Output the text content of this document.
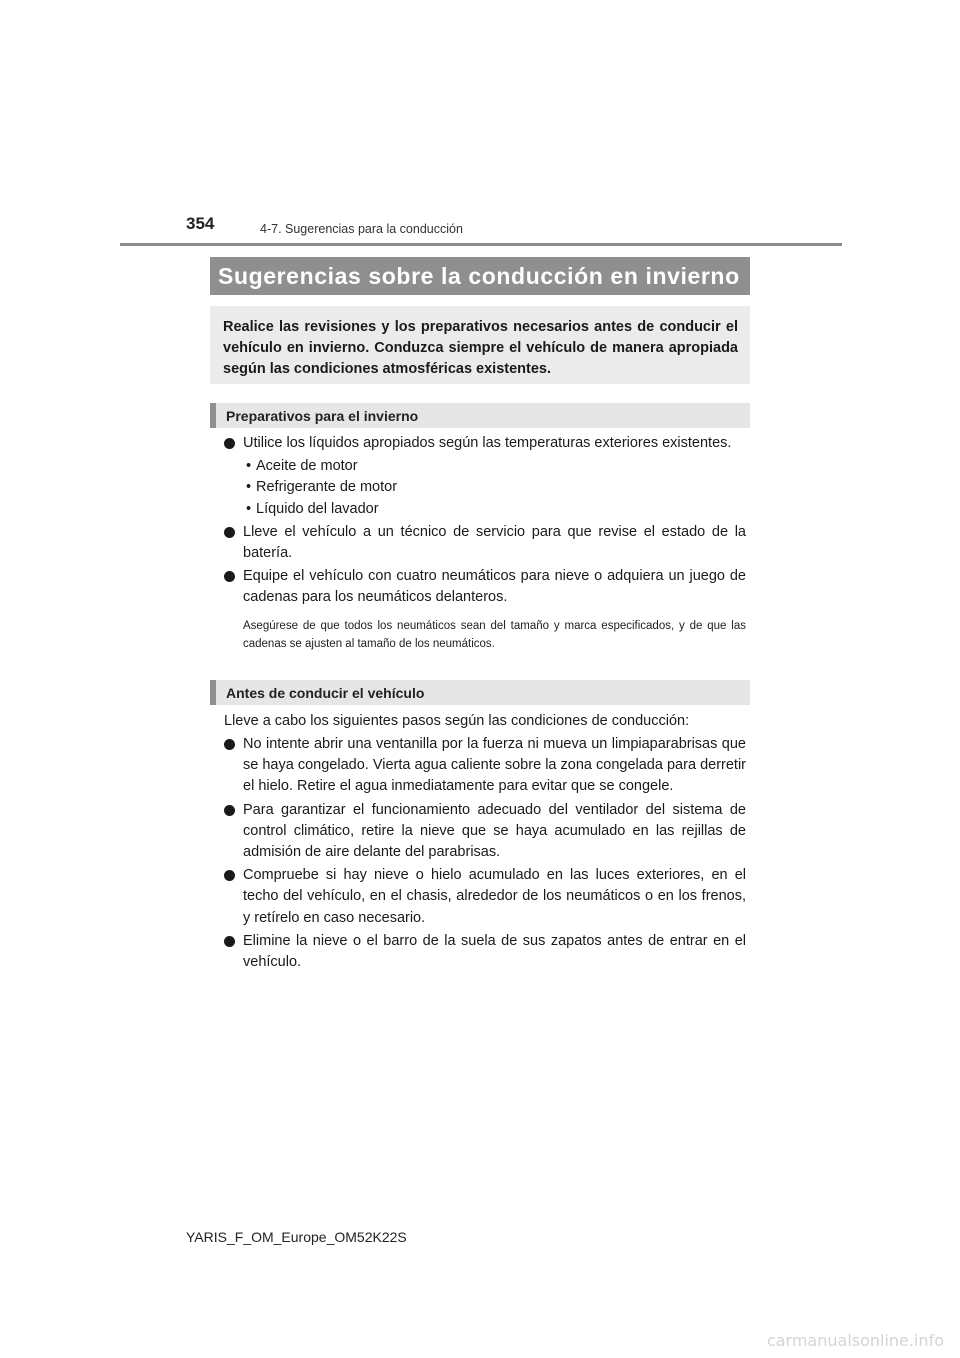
354	4-7. Sugerencias para la conducción
Sugerencias sobre la conducción en invierno

Realice las revisiones y los preparativos necesarios antes de conducir el vehículo en invierno. Conduzca siempre el vehículo de manera apropiada según las condiciones atmosféricas existentes.

Preparativos para el invierno
Utilice los líquidos apropiados según las temperaturas exteriores existentes.
• Aceite de motor
• Refrigerante de motor
• Líquido del lavador
Lleve el vehículo a un técnico de servicio para que revise el estado de la batería.
Equipe el vehículo con cuatro neumáticos para nieve o adquiera un juego de cadenas para los neumáticos delanteros.
Asegúrese de que todos los neumáticos sean del tamaño y marca especificados, y de que las cadenas se ajusten al tamaño de los neumáticos.
Antes de conducir el vehículo
Lleve a cabo los siguientes pasos según las condiciones de conducción:
No intente abrir una ventanilla por la fuerza ni mueva un limpiaparabrisas que se haya congelado. Vierta agua caliente sobre la zona congelada para derretir el hielo. Retire el agua inmediatamente para evitar que se congele.
Para garantizar el funcionamiento adecuado del ventilador del sistema de control climático, retire la nieve que se haya acumulado en las rejillas de admisión de aire delante del parabrisas.
Compruebe si hay nieve o hielo acumulado en las luces exteriores, en el techo del vehículo, en el chasis, alrededor de los neumáticos o en los frenos, y retírelo en caso necesario.
Elimine la nieve o el barro de la suela de sus zapatos antes de entrar en el vehículo.
YARIS_F_OM_Europe_OM52K22S
carmanualsonline.info
